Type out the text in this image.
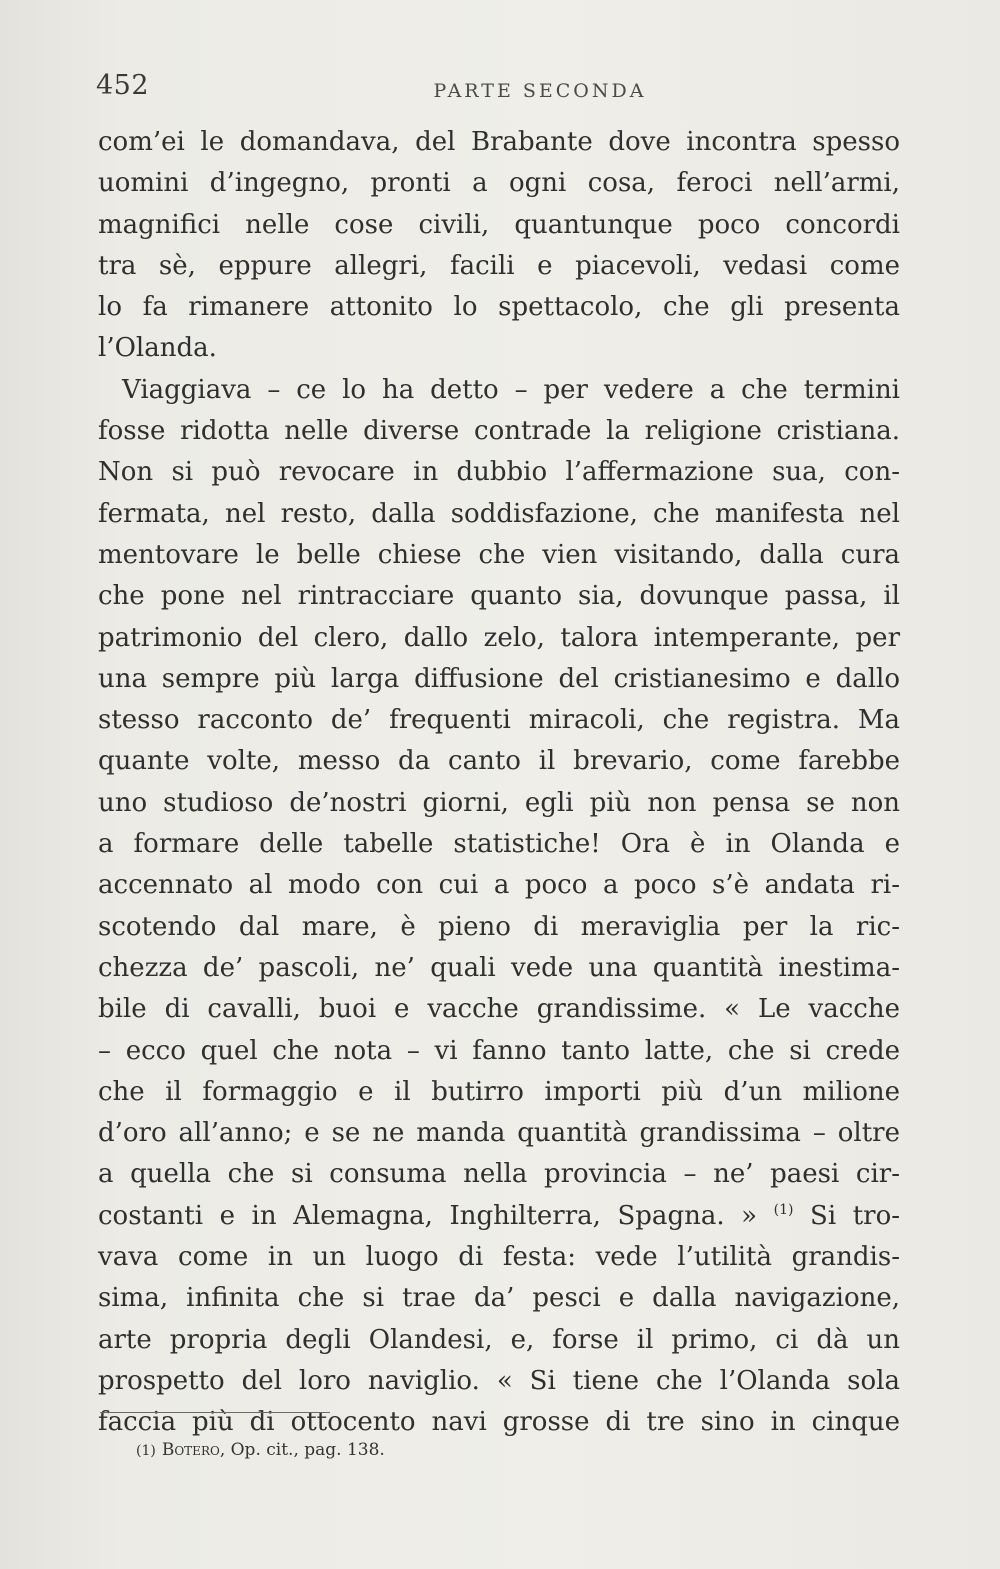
452	PARTE SECONDA
com’ei le domandava, del Brabante dove incontra spesso
uomini d’ingegno, pronti a ogni cosa, feroci nell’armi,
magnifici nelle cose civili, quantunque poco concordi
tra sè, eppure allegri, facili e piacevoli, vedasi come
lo fa rimanere attonito lo spettacolo, che gli presenta
l’Olanda.
Viaggiava – ce lo ha detto – per vedere a che termini
fosse ridotta nelle diverse contrade la religione cristiana.
Non si può revocare in dubbio l’affermazione sua, con-
fermata, nel resto, dalla soddisfazione, che manifesta nel
mentovare le belle chiese che vien visitando, dalla cura
che pone nel rintracciare quanto sia, dovunque passa, il
patrimonio del clero, dallo zelo, talora intemperante, per
una sempre più larga diffusione del cristianesimo e dallo
stesso racconto de’ frequenti miracoli, che registra. Ma
quante volte, messo da canto il brevario, come farebbe
uno studioso de’nostri giorni, egli più non pensa se non
a formare delle tabelle statistiche! Ora è in Olanda e
accennato al modo con cui a poco a poco s’è andata ri-
scotendo dal mare, è pieno di meraviglia per la ric-
chezza de’ pascoli, ne’ quali vede una quantità inestima-
bile di cavalli, buoi e vacche grandissime. « Le vacche
– ecco quel che nota – vi fanno tanto latte, che si crede
che il formaggio e il butirro importi più d’un milione
d’oro all’anno; e se ne manda quantità grandissima – oltre
a quella che si consuma nella provincia – ne’ paesi cir-
costanti e in Alemagna, Inghilterra, Spagna. » $^{(1)}$ Si tro-
vava come in un luogo di festa: vede l’utilità grandis-
sima, infinita che si trae da’ pesci e dalla navigazione,
arte propria degli Olandesi, e, forse il primo, ci dà un
prospetto del loro naviglio. « Si tiene che l’Olanda sola
faccia più di ottocento navi grosse di tre sino in cinque
(1) Botero, Op. cit., pag. 138.
